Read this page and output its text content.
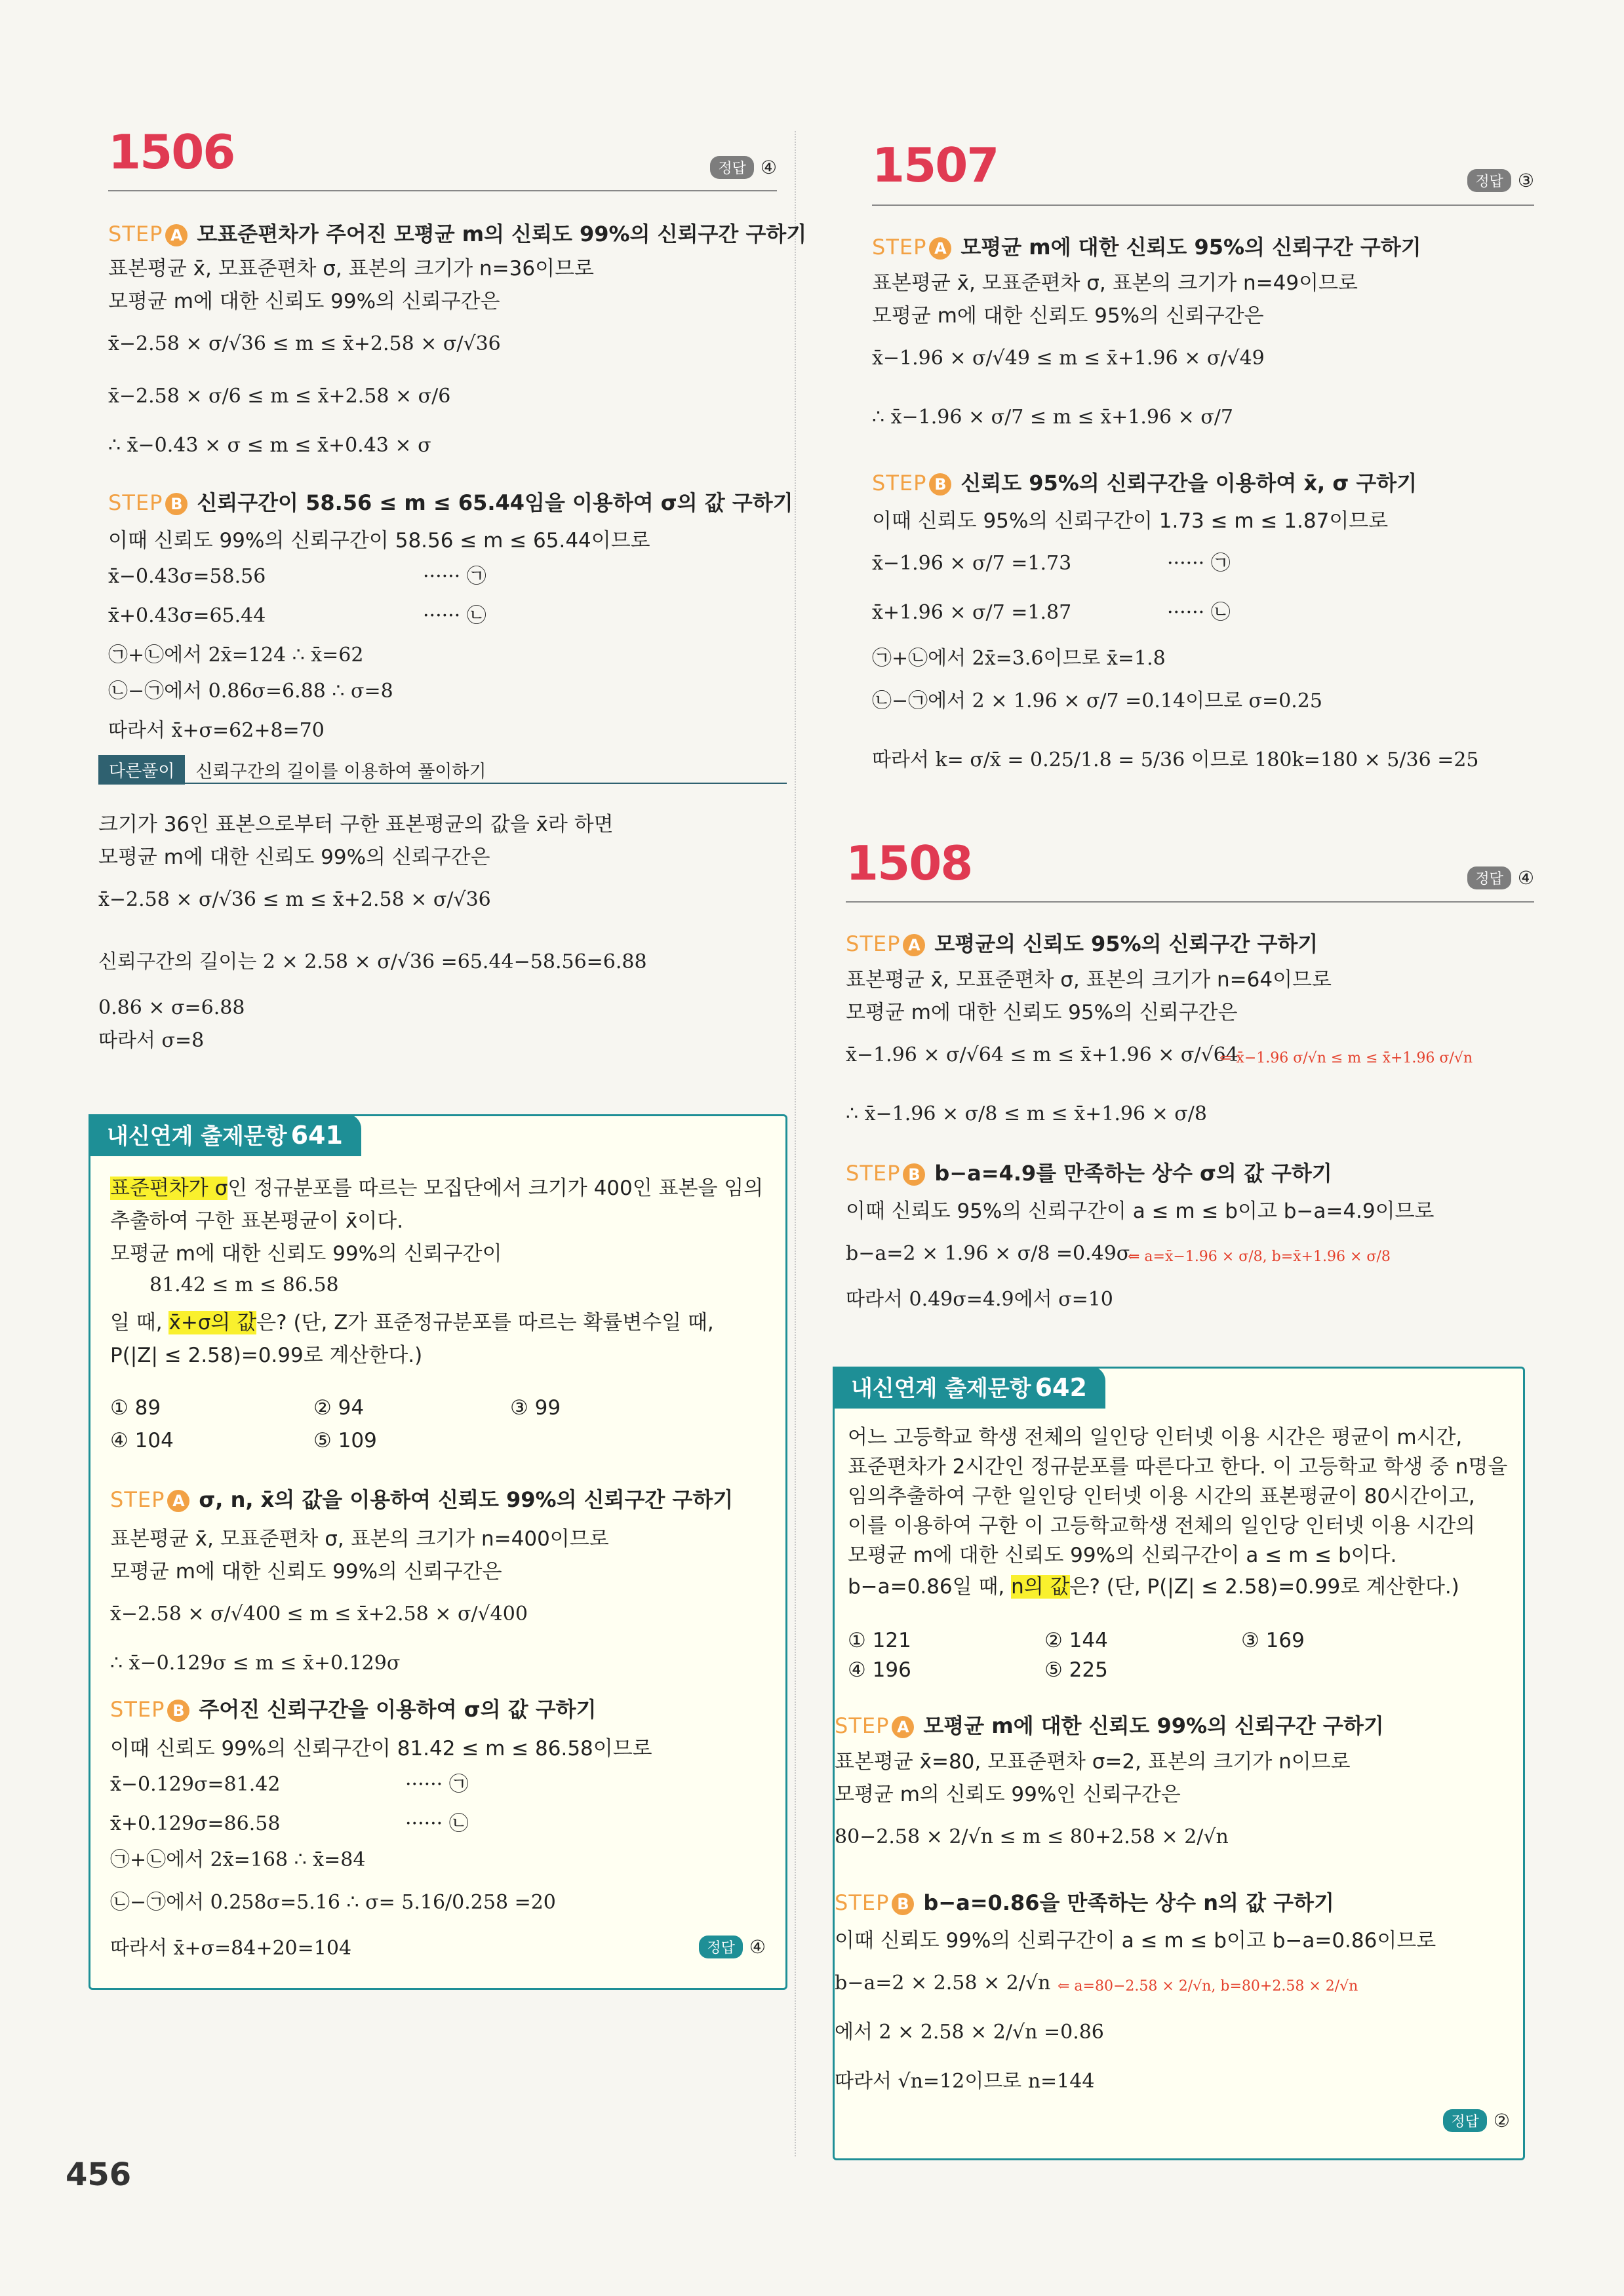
1506	정답 ④
STEP A 모표준편차가 주어진 모평균 m의 신뢰도 99%의 신뢰구간 구하기
표본평균 x̄, 모표준편차 σ, 표본의 크기가 n=36이므로
모평균 m에 대한 신뢰도 99%의 신뢰구간은
x̄−2.58 × σ/√36 ≤ m ≤ x̄+2.58 × σ/√36
x̄−2.58 × σ/6 ≤ m ≤ x̄+2.58 × σ/6
∴ x̄−0.43 × σ ≤ m ≤ x̄+0.43 × σ
STEP B 신뢰구간이 58.56 ≤ m ≤ 65.44임을 이용하여 σ의 값 구하기
이때 신뢰도 99%의 신뢰구간이 58.56 ≤ m ≤ 65.44이므로
x̄−0.43σ=58.56	······ ㉠
x̄+0.43σ=65.44	······ ㉡
㉠+㉡에서 2x̄=124 ∴ x̄=62
㉡−㉠에서 0.86σ=6.88 ∴ σ=8
따라서 x̄+σ=62+8=70
다른풀이 신뢰구간의 길이를 이용하여 풀이하기
크기가 36인 표본으로부터 구한 표본평균의 값을 x̄라 하면
모평균 m에 대한 신뢰도 99%의 신뢰구간은
x̄−2.58 × σ/√36 ≤ m ≤ x̄+2.58 × σ/√36
신뢰구간의 길이는 2 × 2.58 × σ/√36 =65.44−58.56=6.88
0.86 × σ=6.88
따라서 σ=8
내신연계 출제문항 641
표준편차가 σ인 정규분포를 따르는 모집단에서 크기가 400인 표본을 임의
추출하여 구한 표본평균이 x̄이다.
모평균 m에 대한 신뢰도 99%의 신뢰구간이
81.42 ≤ m ≤ 86.58
일 때, x̄+σ의 값은? (단, Z가 표준정규분포를 따르는 확률변수일 때,
P(|Z| ≤ 2.58)=0.99로 계산한다.)
① 89	② 94	③ 99
④ 104	⑤ 109
STEP A σ, n, x̄의 값을 이용하여 신뢰도 99%의 신뢰구간 구하기
표본평균 x̄, 모표준편차 σ, 표본의 크기가 n=400이므로
모평균 m에 대한 신뢰도 99%의 신뢰구간은
x̄−2.58 × σ/√400 ≤ m ≤ x̄+2.58 × σ/√400
∴ x̄−0.129σ ≤ m ≤ x̄+0.129σ
STEP B 주어진 신뢰구간을 이용하여 σ의 값 구하기
이때 신뢰도 99%의 신뢰구간이 81.42 ≤ m ≤ 86.58이므로
x̄−0.129σ=81.42	······ ㉠
x̄+0.129σ=86.58	······ ㉡
㉠+㉡에서 2x̄=168 ∴ x̄=84
㉡−㉠에서 0.258σ=5.16 ∴ σ= 5.16/0.258 =20
따라서 x̄+σ=84+20=104	정답 ④
1507	정답 ③
STEP A 모평균 m에 대한 신뢰도 95%의 신뢰구간 구하기
표본평균 x̄, 모표준편차 σ, 표본의 크기가 n=49이므로
모평균 m에 대한 신뢰도 95%의 신뢰구간은
x̄−1.96 × σ/√49 ≤ m ≤ x̄+1.96 × σ/√49
∴ x̄−1.96 × σ/7 ≤ m ≤ x̄+1.96 × σ/7
STEP B 신뢰도 95%의 신뢰구간을 이용하여 x̄, σ 구하기
이때 신뢰도 95%의 신뢰구간이 1.73 ≤ m ≤ 1.87이므로
x̄−1.96 × σ/7 =1.73	······ ㉠
x̄+1.96 × σ/7 =1.87	······ ㉡
㉠+㉡에서 2x̄=3.6이므로 x̄=1.8
㉡−㉠에서 2 × 1.96 × σ/7 =0.14이므로 σ=0.25
따라서 k= σ/x̄ = 0.25/1.8 = 5/36 이므로 180k=180 × 5/36 =25
1508	정답 ④
STEP A 모평균의 신뢰도 95%의 신뢰구간 구하기
표본평균 x̄, 모표준편차 σ, 표본의 크기가 n=64이므로
모평균 m에 대한 신뢰도 95%의 신뢰구간은
x̄−1.96 × σ/√64 ≤ m ≤ x̄+1.96 × σ/√64
⇐ x̄−1.96 σ/√n ≤ m ≤ x̄+1.96 σ/√n
∴ x̄−1.96 × σ/8 ≤ m ≤ x̄+1.96 × σ/8
STEP B b−a=4.9를 만족하는 상수 σ의 값 구하기
이때 신뢰도 95%의 신뢰구간이 a ≤ m ≤ b이고 b−a=4.9이므로
b−a=2 × 1.96 × σ/8 =0.49σ
⇐ a=x̄−1.96 × σ/8, b=x̄+1.96 × σ/8
따라서 0.49σ=4.9에서 σ=10
내신연계 출제문항 642
어느 고등학교 학생 전체의 일인당 인터넷 이용 시간은 평균이 m시간,
표준편차가 2시간인 정규분포를 따른다고 한다. 이 고등학교 학생 중 n명을
임의추출하여 구한 일인당 인터넷 이용 시간의 표본평균이 80시간이고,
이를 이용하여 구한 이 고등학교학생 전체의 일인당 인터넷 이용 시간의
모평균 m에 대한 신뢰도 99%의 신뢰구간이 a ≤ m ≤ b이다.
b−a=0.86일 때, n의 값은? (단, P(|Z| ≤ 2.58)=0.99로 계산한다.)
① 121	② 144	③ 169
④ 196	⑤ 225
STEP A 모평균 m에 대한 신뢰도 99%의 신뢰구간 구하기
표본평균 x̄=80, 모표준편차 σ=2, 표본의 크기가 n이므로
모평균 m의 신뢰도 99%인 신뢰구간은
80−2.58 × 2/√n ≤ m ≤ 80+2.58 × 2/√n
STEP B b−a=0.86을 만족하는 상수 n의 값 구하기
이때 신뢰도 99%의 신뢰구간이 a ≤ m ≤ b이고 b−a=0.86이므로
b−a=2 × 2.58 × 2/√n ⇐ a=80−2.58 × 2/√n, b=80+2.58 × 2/√n
에서 2 × 2.58 × 2/√n =0.86
따라서 √n=12이므로 n=144
정답 ②
456
